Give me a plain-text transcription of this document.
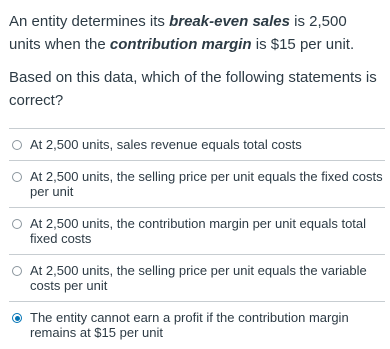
An entity determines its break-even sales is 2,500 units when the contribution margin is $15 per unit.

Based on this data, which of the following statements is correct?

At 2,500 units, sales revenue equals total costs
At 2,500 units, the selling price per unit equals the fixed costs per unit
At 2,500 units, the contribution margin per unit equals total fixed costs
At 2,500 units, the selling price per unit equals the variable costs per unit
The entity cannot earn a profit if the contribution margin remains at $15 per unit
